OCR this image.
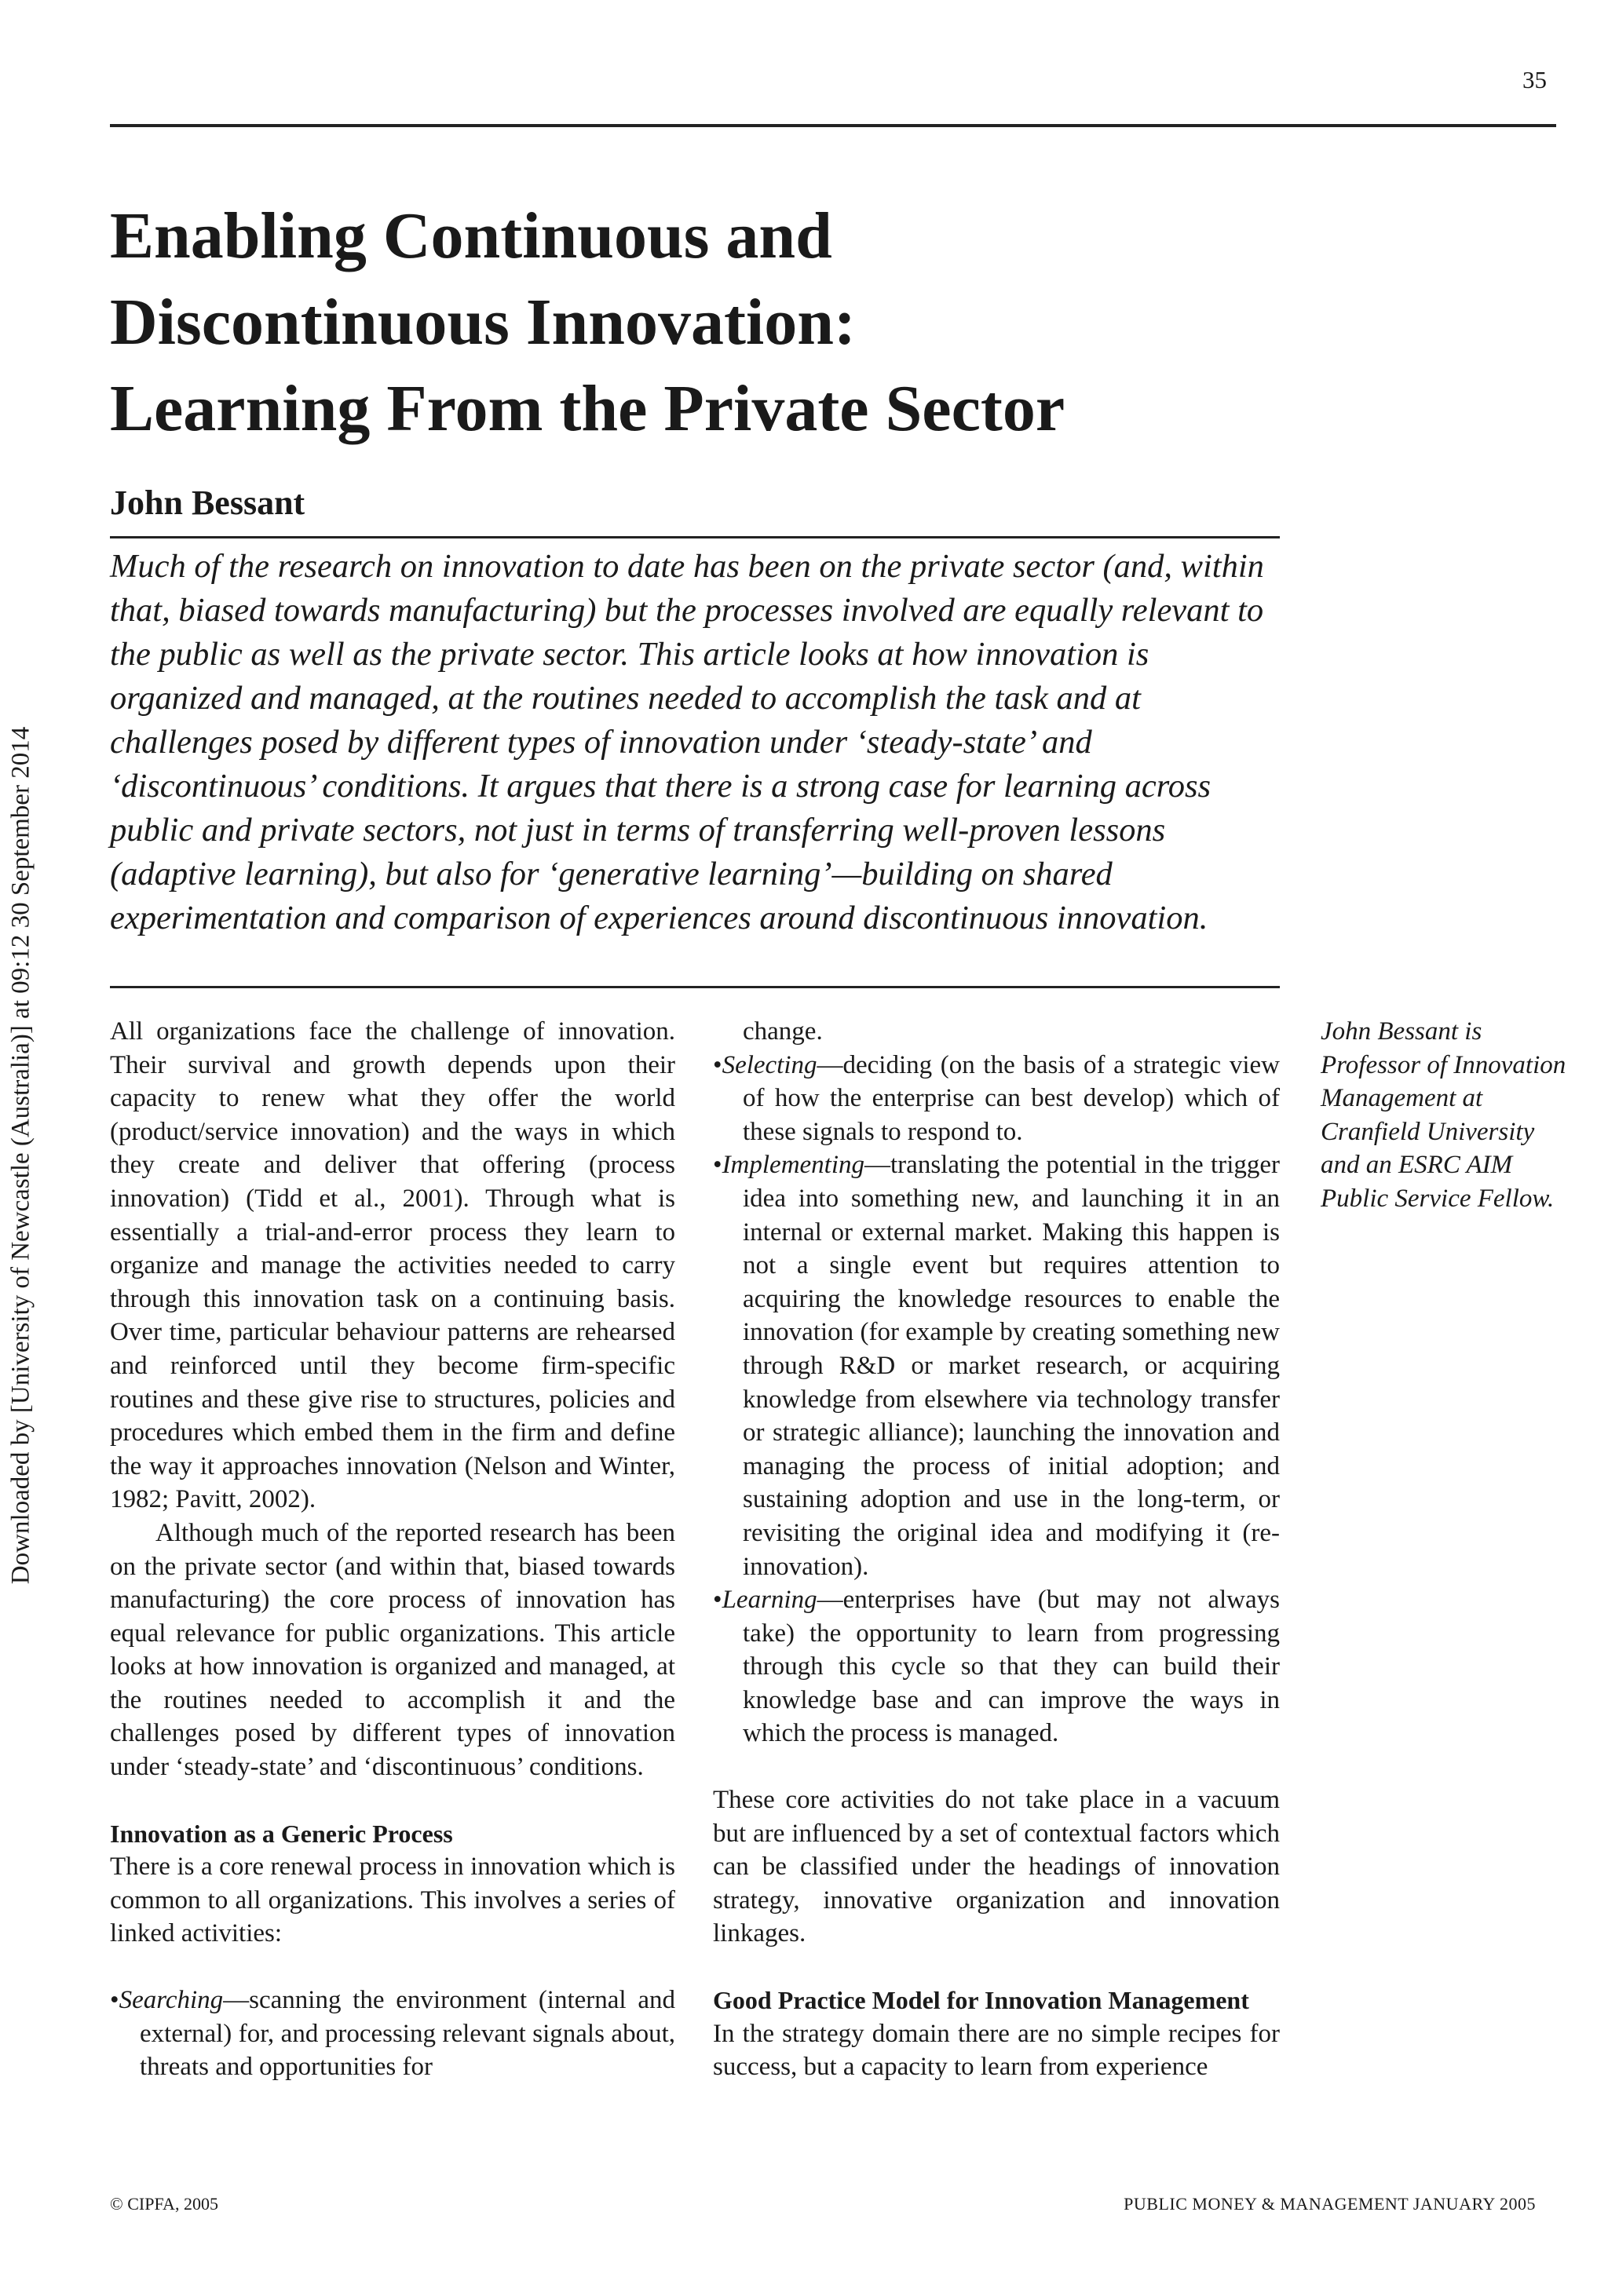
35
Downloaded by [University of Newcastle (Australia)] at 09:12 30 September 2014
Enabling Continuous and
Discontinuous Innovation:
Learning From the Private Sector
John Bessant

Much of the research on innovation to date has been on the private sector (and, within that, biased towards manufacturing) but the processes involved are equally relevant to the public as well as the private sector. This article looks at how innovation is organized and managed, at the routines needed to accomplish the task and at challenges posed by different types of innovation under ‘steady-state’ and ‘discontinuous’ conditions. It argues that there is a strong case for learning across public and private sectors, not just in terms of transferring well-proven lessons (adaptive learning), but also for ‘generative learning’—building on shared experimentation and comparison of experiences around discontinuous innovation.

All organizations face the challenge of innovation. Their survival and growth depends upon their capacity to renew what they offer the world (product/service innovation) and the ways in which they create and deliver that offering (process innovation) (Tidd et al., 2001). Through what is essentially a trial-and-error process they learn to organize and manage the activities needed to carry through this innovation task on a continuing basis. Over time, particular behaviour patterns are rehearsed and reinforced until they become firm-specific routines and these give rise to structures, policies and procedures which embed them in the firm and define the way it approaches innovation (Nelson and Winter, 1982; Pavitt, 2002).

Although much of the reported research has been on the private sector (and within that, biased towards manufacturing) the core process of innovation has equal relevance for public organizations. This article looks at how innovation is organized and managed, at the routines needed to accomplish it and the challenges posed by different types of innovation under ‘steady-state’ and ‘discontinuous’ conditions.

Innovation as a Generic Process

There is a core renewal process in innovation which is common to all organizations. This involves a series of linked activities:

•Searching—scanning the environment (internal and external) for, and processing relevant signals about, threats and opportunities for

change.

•Selecting—deciding (on the basis of a strategic view of how the enterprise can best develop) which of these signals to respond to.

•Implementing—translating the potential in the trigger idea into something new, and launching it in an internal or external market. Making this happen is not a single event but requires attention to acquiring the knowledge resources to enable the innovation (for example by creating something new through R&D or market research, or acquiring knowledge from elsewhere via technology transfer or strategic alliance); launching the innovation and managing the process of initial adoption; and sustaining adoption and use in the long-term, or revisiting the original idea and modifying it (re-innovation).

•Learning—enterprises have (but may not always take) the opportunity to learn from progressing through this cycle so that they can build their knowledge base and can improve the ways in which the process is managed.

These core activities do not take place in a vacuum but are influenced by a set of contextual factors which can be classified under the headings of innovation strategy, innovative organization and innovation linkages.

Good Practice Model for Innovation Management

In the strategy domain there are no simple recipes for success, but a capacity to learn from experience

John Bessant is Professor of Innovation Management at Cranfield University and an ESRC AIM Public Service Fellow.

© CIPFA, 2005	PUBLIC MONEY & MANAGEMENT JANUARY 2005
